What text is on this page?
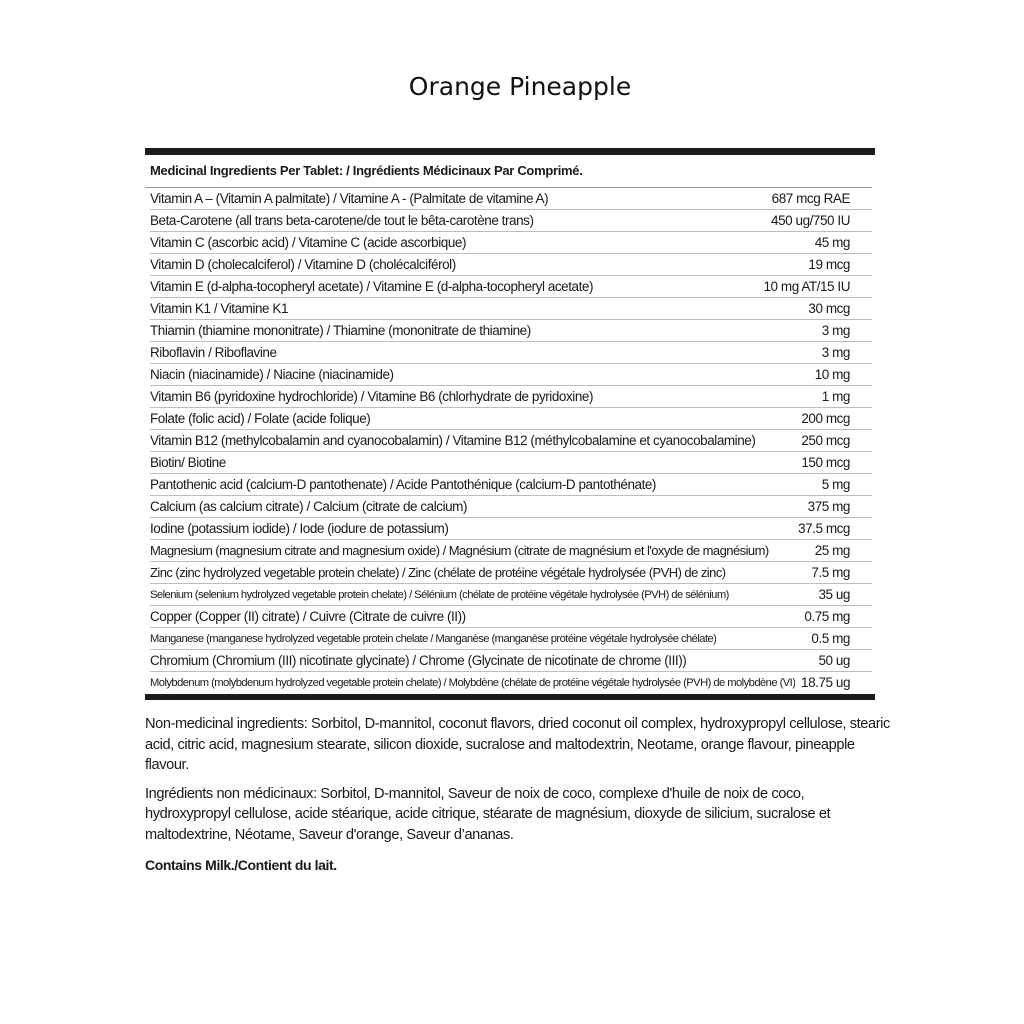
Orange Pineapple
Medicinal Ingredients Per Tablet: / Ingrédients Médicinaux Par Comprimé.
Vitamin A – (Vitamin A palmitate) / Vitamine A - (Palmitate de vitamine A)	687 mcg RAE
Beta-Carotene (all trans beta-carotene/de tout le bêta-carotène trans)	450 ug/750 IU
Vitamin C (ascorbic acid) / Vitamine C (acide ascorbique)	45 mg
Vitamin D (cholecalciferol) / Vitamine D (cholécalciférol)	19 mcg
Vitamin E (d-alpha-tocopheryl acetate) / Vitamine E (d-alpha-tocopheryl acetate)	10 mg AT/15 IU
Vitamin K1 / Vitamine K1	30 mcg
Thiamin (thiamine mononitrate) / Thiamine (mononitrate de thiamine)	3 mg
Riboflavin / Riboflavine	3 mg
Niacin (niacinamide) / Niacine (niacinamide)	10 mg
Vitamin B6 (pyridoxine hydrochloride) / Vitamine B6 (chlorhydrate de pyridoxine)	1 mg
Folate (folic acid) / Folate (acide folique)	200 mcg
Vitamin B12 (methylcobalamin and cyanocobalamin) / Vitamine B12 (méthylcobalamine et cyanocobalamine)	250 mcg
Biotin/ Biotine	150 mcg
Pantothenic acid (calcium-D pantothenate) / Acide Pantothénique (calcium-D pantothénate)	5 mg
Calcium (as calcium citrate) / Calcium (citrate de calcium)	375 mg
Iodine (potassium iodide) / Iode (iodure de potassium)	37.5 mcg
Magnesium (magnesium citrate and magnesium oxide) / Magnésium (citrate de magnésium et l'oxyde de magnésium)	25 mg
Zinc (zinc hydrolyzed vegetable protein chelate) / Zinc (chélate de protéine végétale hydrolysée (PVH) de zinc)	7.5 mg
Selenium (selenium hydrolyzed vegetable protein chelate) / Sélénium (chélate de protéine végétale hydrolysée (PVH) de sélénium)	35 ug
Copper (Copper (II) citrate) / Cuivre (Citrate de cuivre (II))	0.75 mg
Manganese (manganese hydrolyzed vegetable protein chelate / Manganèse (manganèse protéine végétale hydrolysée chélate)	0.5 mg
Chromium (Chromium (III) nicotinate glycinate) / Chrome (Glycinate de nicotinate de chrome (III))	50 ug
Molybdenum (molybdenum hydrolyzed vegetable protein chelate) / Molybdène (chélate de protéine végétale hydrolysée (PVH) de molybdène (VI) 18.75 ug

Non-medicinal ingredients: Sorbitol, D-mannitol, coconut flavors, dried coconut oil complex, hydroxypropyl cellulose, stearic acid, citric acid, magnesium stearate, silicon dioxide, sucralose and maltodextrin, Neotame, orange flavour, pineapple flavour.

Ingrédients non médicinaux: Sorbitol, D-mannitol, Saveur de noix de coco, complexe d'huile de noix de coco, hydroxypropyl cellulose, acide stéarique, acide citrique, stéarate de magnésium, dioxyde de silicium, sucralose et maltodextrine, Néotame, Saveur d'orange, Saveur d’ananas.

Contains Milk./Contient du lait.
